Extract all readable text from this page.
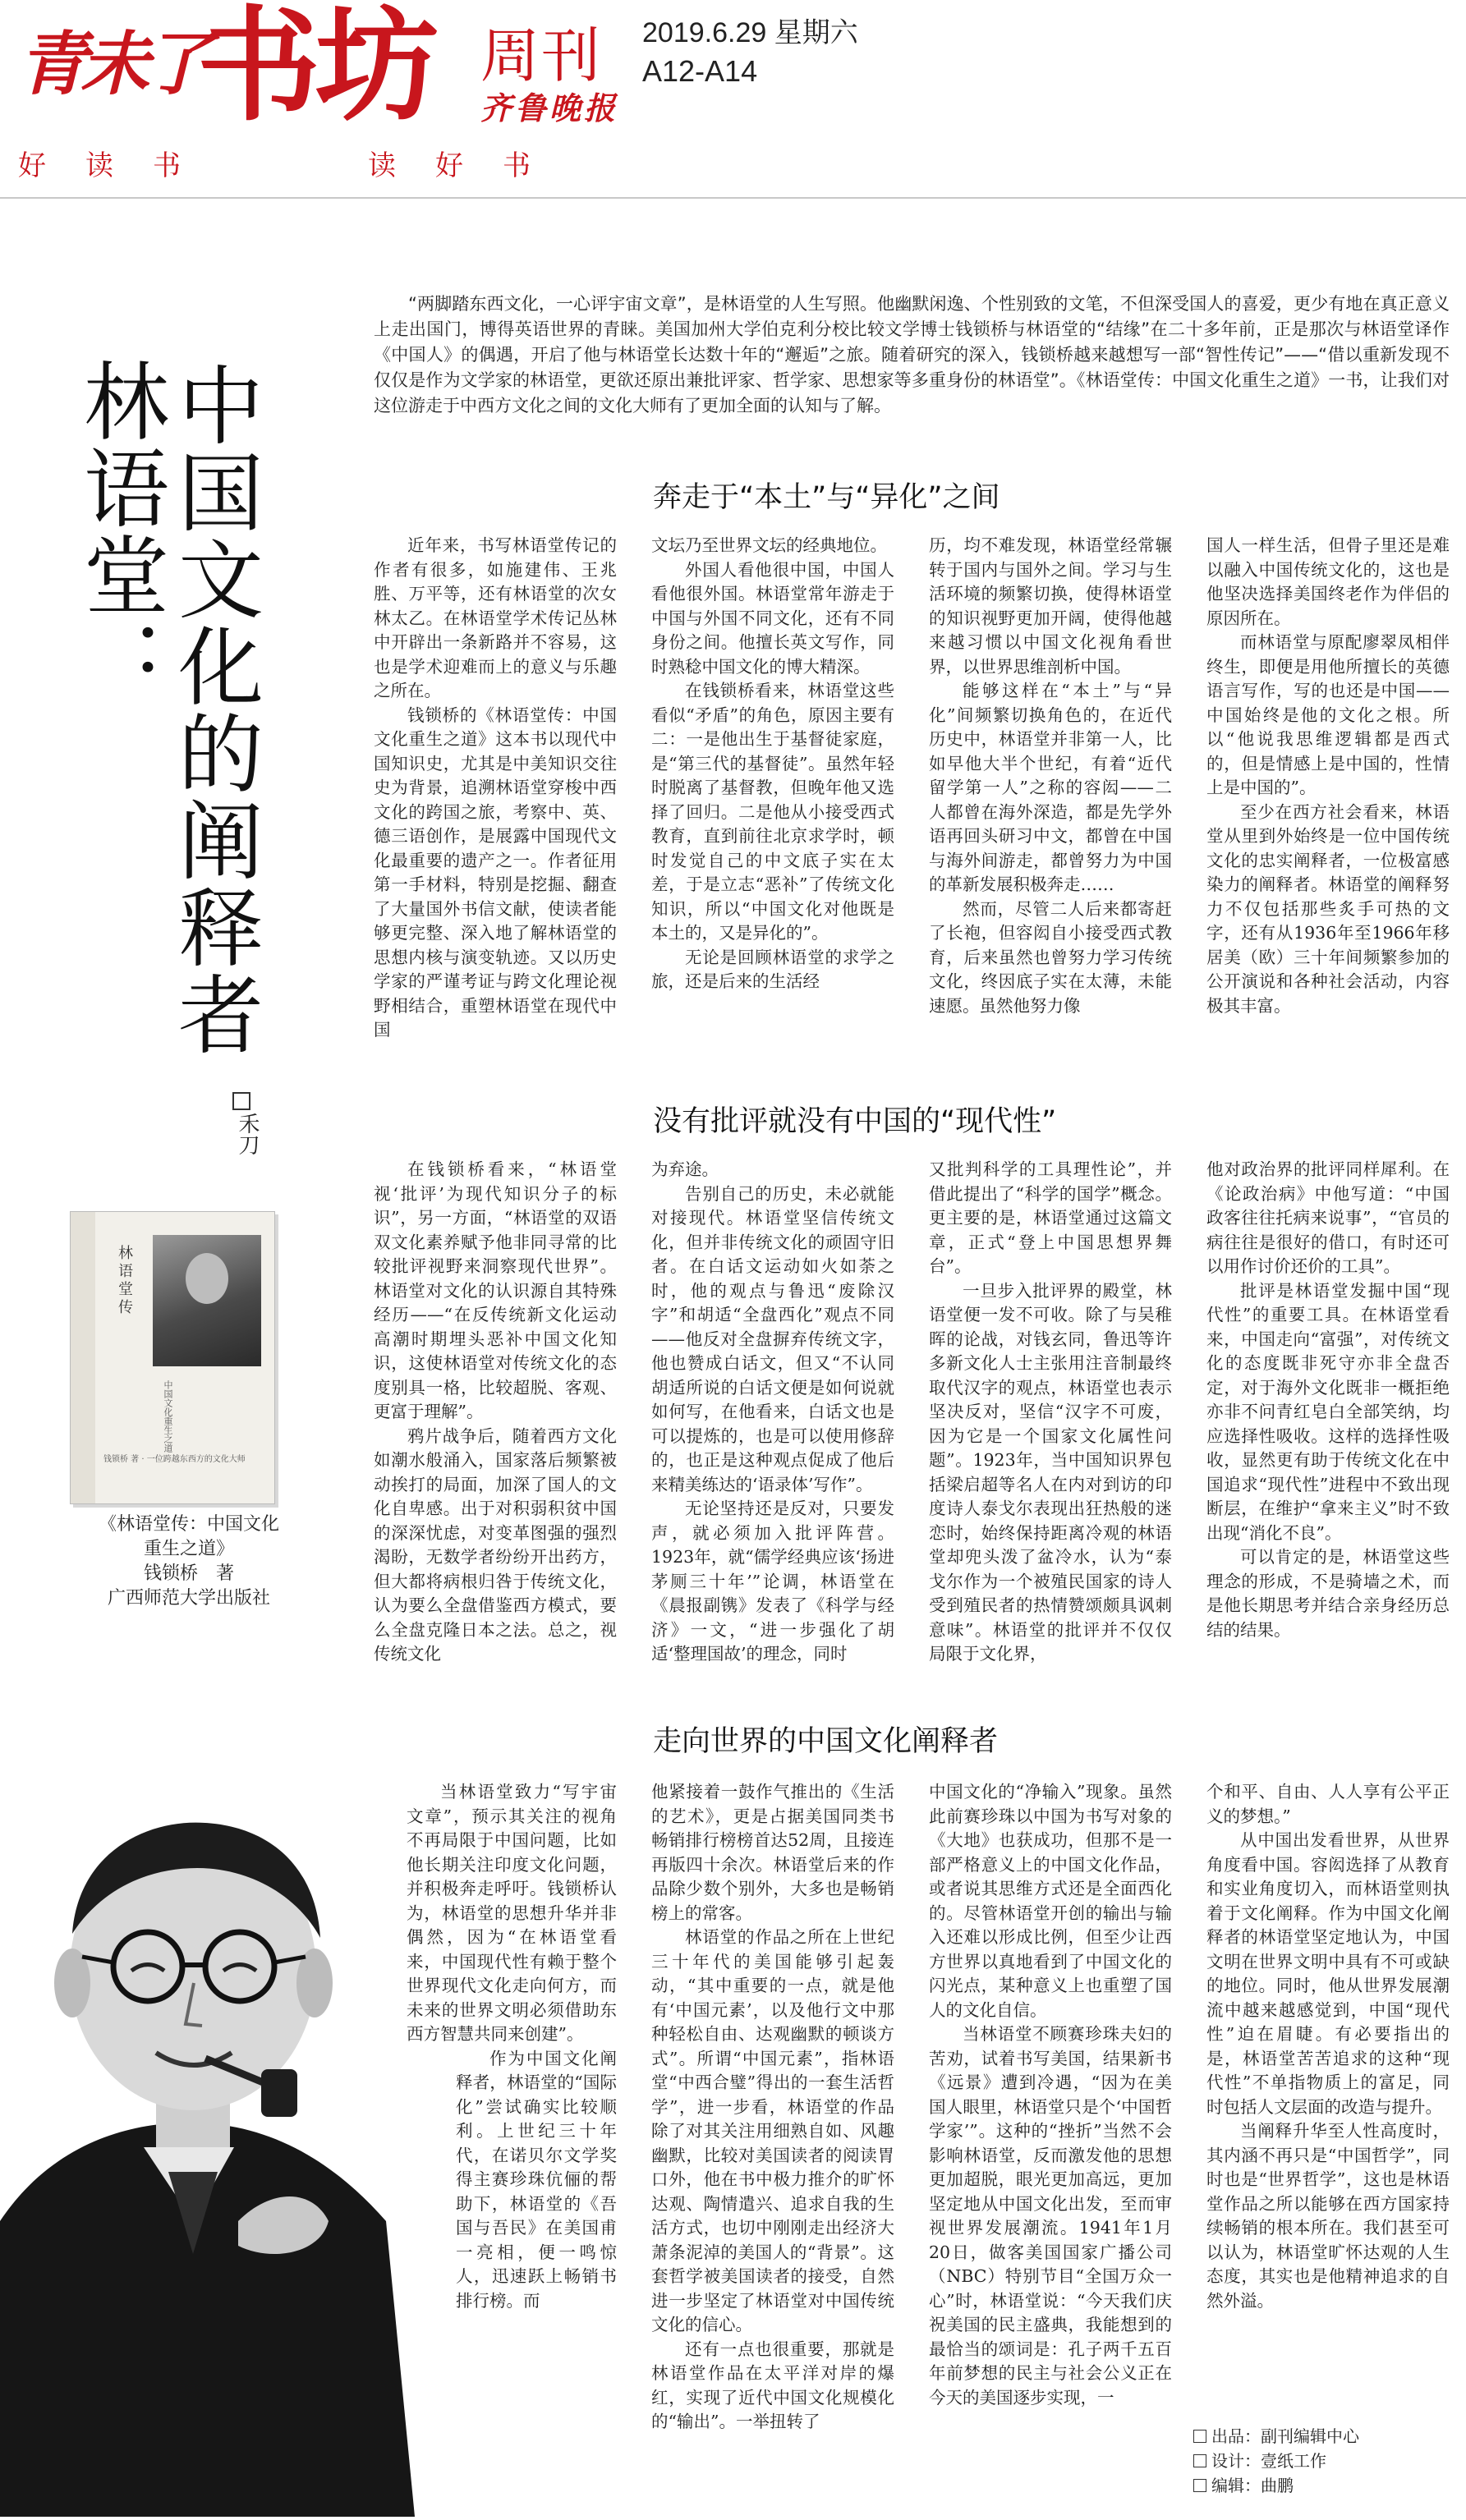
青未了
书坊 周刊
齐鲁晚报
2019.6.29 星期六
A12-A14
好读书	读好书
中国文化的阐释者
林语堂：
禾刀
“两脚踏东西文化，一心评宇宙文章”，是林语堂的人生写照。他幽默闲逸、个性别致的文笔，不但深受国人的喜爱，更少有地在真正意义上走出国门，博得英语世界的青睐。美国加州大学伯克利分校比较文学博士钱锁桥与林语堂的“结缘”在二十多年前，正是那次与林语堂译作《中国人》的偶遇，开启了他与林语堂长达数十年的“邂逅”之旅。随着研究的深入，钱锁桥越来越想写一部“智性传记”——“借以重新发现不仅仅是作为文学家的林语堂，更欲还原出兼批评家、哲学家、思想家等多重身份的林语堂”。《林语堂传：中国文化重生之道》一书，让我们对这位游走于中西方文化之间的文化大师有了更加全面的认知与了解。
奔走于“本土”与“异化”之间

近年来，书写林语堂传记的作者有很多，如施建伟、王兆胜、万平等，还有林语堂的次女林太乙。在林语堂学术传记丛林中开辟出一条新路并不容易，这也是学术迎难而上的意义与乐趣之所在。

钱锁桥的《林语堂传：中国文化重生之道》这本书以现代中国知识史，尤其是中美知识交往史为背景，追溯林语堂穿梭中西文化的跨国之旅，考察中、英、德三语创作，是展露中国现代文化最重要的遗产之一。作者征用第一手材料，特别是挖掘、翻查了大量国外书信文献，使读者能够更完整、深入地了解林语堂的思想内核与演变轨迹。又以历史学家的严谨考证与跨文化理论视野相结合，重塑林语堂在现代中国

文坛乃至世界文坛的经典地位。

外国人看他很中国，中国人看他很外国。林语堂常年游走于中国与外国不同文化，还有不同身份之间。他擅长英文写作，同时熟稔中国文化的博大精深。

在钱锁桥看来，林语堂这些看似“矛盾”的角色，原因主要有二：一是他出生于基督徒家庭，是“第三代的基督徒”。虽然年轻时脱离了基督教，但晚年他又选择了回归。二是他从小接受西式教育，直到前往北京求学时，顿时发觉自己的中文底子实在太差，于是立志“恶补”了传统文化知识，所以“中国文化对他既是本土的，又是异化的”。

无论是回顾林语堂的求学之旅，还是后来的生活经

历，均不难发现，林语堂经常辗转于国内与国外之间。学习与生活环境的频繁切换，使得林语堂的知识视野更加开阔，使得他越来越习惯以中国文化视角看世界，以世界思维剖析中国。

能够这样在“本土”与“异化”间频繁切换角色的，在近代历史中，林语堂并非第一人，比如早他大半个世纪，有着“近代留学第一人”之称的容闳——二人都曾在海外深造，都是先学外语再回头研习中文，都曾在中国与海外间游走，都曾努力为中国的革新发展积极奔走……

然而，尽管二人后来都寄赶了长袍，但容闳自小接受西式教育，后来虽然也曾努力学习传统文化，终因底子实在太薄，未能速愿。虽然他努力像

国人一样生活，但骨子里还是难以融入中国传统文化的，这也是他坚决选择美国终老作为伴侣的原因所在。

而林语堂与原配廖翠凤相伴终生，即便是用他所擅长的英德语言写作，写的也还是中国——中国始终是他的文化之根。所以“他说我思维逻辑都是西式的，但是情感上是中国的，性情上是中国的”。

至少在西方社会看来，林语堂从里到外始终是一位中国传统文化的忠实阐释者，一位极富感染力的阐释者。林语堂的阐释努力不仅包括那些炙手可热的文字，还有从1936年至1966年移居美（欧）三十年间频繁参加的公开演说和各种社会活动，内容极其丰富。

没有批评就没有中国的“现代性”

在钱锁桥看来，“林语堂视‘批评’为现代知识分子的标识”，另一方面，“林语堂的双语双文化素养赋予他非同寻常的比较批评视野来洞察现代世界”。林语堂对文化的认识源自其特殊经历——“在反传统新文化运动高潮时期埋头恶补中国文化知识，这使林语堂对传统文化的态度别具一格，比较超脱、客观、更富于理解”。

鸦片战争后，随着西方文化如潮水般涌入，国家落后频繁被动挨打的局面，加深了国人的文化自卑感。出于对积弱积贫中国的深深忧虑，对变革图强的强烈渴盼，无数学者纷纷开出药方，但大都将病根归咎于传统文化，认为要么全盘借鉴西方模式，要么全盘克隆日本之法。总之，视传统文化

为弃途。

告别自己的历史，未必就能对接现代。林语堂坚信传统文化，但并非传统文化的顽固守旧者。在白话文运动如火如荼之时，他的观点与鲁迅“废除汉字”和胡适“全盘西化”观点不同——他反对全盘摒弃传统文字，他也赞成白话文，但又“不认同胡适所说的白话文便是如何说就如何写，在他看来，白话文也是可以提炼的，也是可以使用修辞的，也正是这种观点促成了他后来精美练达的‘语录体’写作”。

无论坚持还是反对，只要发声，就必须加入批评阵营。1923年，就“儒学经典应该‘扬进茅厕三十年’”论调，林语堂在《晨报副镌》发表了《科学与经济》一文，“进一步强化了胡适‘整理国故’的理念，同时

又批判科学的工具理性论”，并借此提出了“科学的国学”概念。更主要的是，林语堂通过这篇文章，正式“登上中国思想界舞台”。

一旦步入批评界的殿堂，林语堂便一发不可收。除了与吴稚晖的论战，对钱玄同，鲁迅等许多新文化人士主张用注音制最终取代汉字的观点，林语堂也表示坚决反对，坚信“汉字不可废，因为它是一个国家文化属性问题”。1923年，当中国知识界包括梁启超等名人在内对到访的印度诗人泰戈尔表现出狂热般的迷恋时，始终保持距离冷观的林语堂却兜头泼了盆冷水，认为“泰戈尔作为一个被殖民国家的诗人受到殖民者的热情赞颂颇具讽刺意味”。林语堂的批评并不仅仅局限于文化界，

他对政治界的批评同样犀利。在《论政治病》中他写道：“中国政客往往托病来说事”，“官员的病往往是很好的借口，有时还可以用作讨价还价的工具”。

批评是林语堂发掘中国“现代性”的重要工具。在林语堂看来，中国走向“富强”，对传统文化的态度既非死守亦非全盘否定，对于海外文化既非一概拒绝亦非不问青红皂白全部笑纳，均应选择性吸收。这样的选择性吸收，显然更有助于传统文化在中国追求“现代性”进程中不致出现断层，在维护“拿来主义”时不致出现“消化不良”。

可以肯定的是，林语堂这些理念的形成，不是骑墙之术，而是他长期思考并结合亲身经历总结的结果。

走向世界的中国文化阐释者

当林语堂致力“写宇宙文章”，预示其关注的视角不再局限于中国问题，比如他长期关注印度文化问题，并积极奔走呼吁。钱锁桥认为，林语堂的思想升华并非偶然，因为“在林语堂看来，中国现代性有赖于整个世界现代文化走向何方，而未来的世界文明必须借助东西方智慧共同来创建”。

作为中国文化阐释者，林语堂的“国际化”尝试确实比较顺利。上世纪三十年代，在诺贝尔文学奖得主赛珍珠伉俪的帮助下，林语堂的《吾国与吾民》在美国甫一亮相，便一鸣惊人，迅速跃上畅销书排行榜。而

他紧接着一鼓作气推出的《生活的艺术》，更是占据美国同类书畅销排行榜榜首达52周，且接连再版四十余次。林语堂后来的作品除少数个别外，大多也是畅销榜上的常客。

林语堂的作品之所在上世纪三十年代的美国能够引起轰动，“其中重要的一点，就是他有‘中国元素’，以及他行文中那种轻松自由、达观幽默的顿谈方式”。所谓“中国元素”，指林语堂“中西合璧”得出的一套生活哲学”，进一步看，林语堂的作品除了对其关注用细熟自如、风趣幽默，比较对美国读者的阅读胃口外，他在书中极力推介的旷怀达观、陶情遣兴、追求自我的生活方式，也切中刚刚走出经济大萧条泥淖的美国人的“背景”。这套哲学被美国读者的接受，自然进一步坚定了林语堂对中国传统文化的信心。

还有一点也很重要，那就是林语堂作品在太平洋对岸的爆红，实现了近代中国文化规模化的“输出”。一举扭转了

中国文化的“净输入”现象。虽然此前赛珍珠以中国为书写对象的《大地》也获成功，但那不是一部严格意义上的中国文化作品，或者说其思维方式还是全面西化的。尽管林语堂开创的输出与输入还难以形成比例，但至少让西方世界以真地看到了中国文化的闪光点，某种意义上也重塑了国人的文化自信。

当林语堂不顾赛珍珠夫妇的苦劝，试着书写美国，结果新书《远景》遭到冷遇，“因为在美国人眼里，林语堂只是个‘中国哲学家’”。这种的“挫折”当然不会影响林语堂，反而激发他的思想更加超脱，眼光更加高远，更加坚定地从中国文化出发，至而审视世界发展潮流。1941年1月20日，做客美国国家广播公司（NBC）特别节目“全国万众一心”时，林语堂说：“今天我们庆祝美国的民主盛典，我能想到的最恰当的颂词是：孔子两千五百年前梦想的民主与社会公义正在今天的美国逐步实现，一

个和平、自由、人人享有公平正义的梦想。”

从中国出发看世界，从世界角度看中国。容闳选择了从教育和实业角度切入，而林语堂则执着于文化阐释。作为中国文化阐释者的林语堂坚定地认为，中国文明在世界文明中具有不可或缺的地位。同时，他从世界发展潮流中越来越感觉到，中国“现代性”迫在眉睫。有必要指出的是，林语堂苦苦追求的这种“现代性”不单指物质上的富足，同时包括人文层面的改造与提升。

当阐释升华至人性高度时，其内涵不再只是“中国哲学”，同时也是“世界哲学”，这也是林语堂作品之所以能够在西方国家持续畅销的根本所在。我们甚至可以认为，林语堂旷怀达观的人生态度，其实也是他精神追求的自然外溢。

林语堂传
中国文化重生之道
钱锁桥 著 · 一位跨越东西方的文化大师
《林语堂传：中国文化重生之道》
钱锁桥　著
广西师范大学出版社
出品：副刊编辑中心
设计：壹纸工作
编辑：曲鹏
